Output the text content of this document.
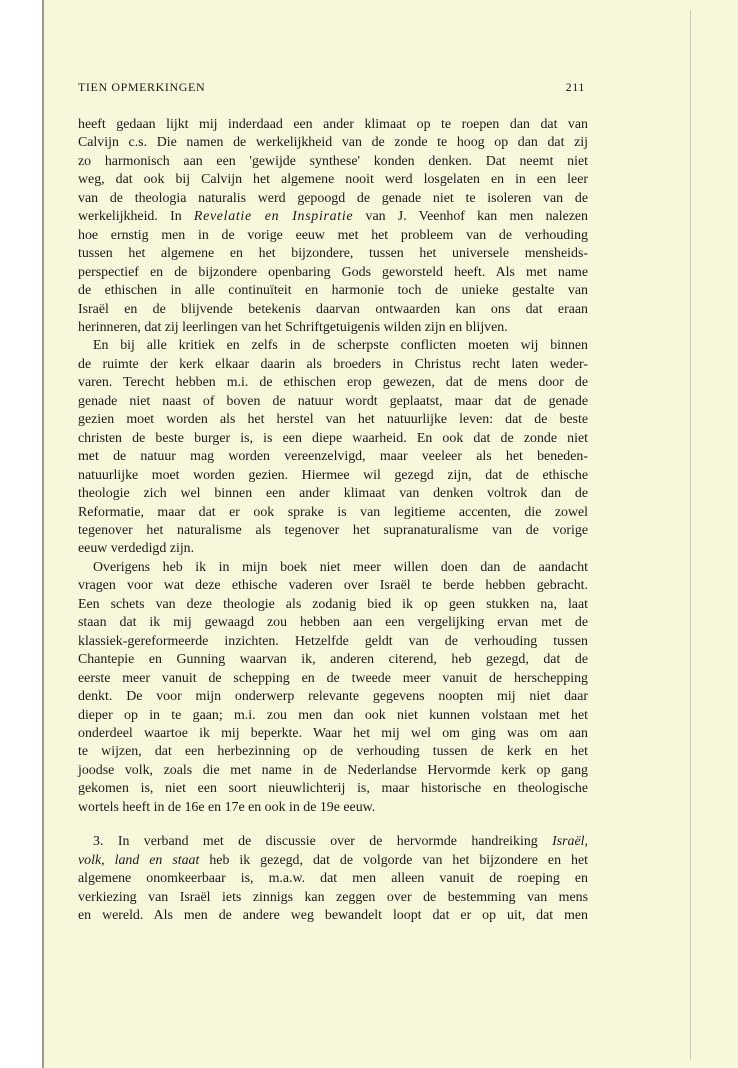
TIEN OPMERKINGEN	211
heeft gedaan lijkt mij inderdaad een ander klimaat op te roepen dan dat van
Calvijn c.s. Die namen de werkelijkheid van de zonde te hoog op dan dat zij
zo harmonisch aan een 'gewijde synthese' konden denken. Dat neemt niet
weg, dat ook bij Calvijn het algemene nooit werd losgelaten en in een leer
van de theologia naturalis werd gepoogd de genade niet te isoleren van de
werkelijkheid. In Revelatie en Inspiratie van J. Veenhof kan men nalezen
hoe ernstig men in de vorige eeuw met het probleem van de verhouding
tussen het algemene en het bijzondere, tussen het universele mensheids-
perspectief en de bijzondere openbaring Gods geworsteld heeft. Als met name
de ethischen in alle continuïteit en harmonie toch de unieke gestalte van
Israël en de blijvende betekenis daarvan ontwaarden kan ons dat eraan
herinneren, dat zij leerlingen van het Schriftgetuigenis wilden zijn en blijven.
En bij alle kritiek en zelfs in de scherpste conflicten moeten wij binnen
de ruimte der kerk elkaar daarin als broeders in Christus recht laten weder-
varen. Terecht hebben m.i. de ethischen erop gewezen, dat de mens door de
genade niet naast of boven de natuur wordt geplaatst, maar dat de genade
gezien moet worden als het herstel van het natuurlijke leven: dat de beste
christen de beste burger is, is een diepe waarheid. En ook dat de zonde niet
met de natuur mag worden vereenzelvigd, maar veeleer als het beneden-
natuurlijke moet worden gezien. Hiermee wil gezegd zijn, dat de ethische
theologie zich wel binnen een ander klimaat van denken voltrok dan de
Reformatie, maar dat er ook sprake is van legitieme accenten, die zowel
tegenover het naturalisme als tegenover het supranaturalisme van de vorige
eeuw verdedigd zijn.
Overigens heb ik in mijn boek niet meer willen doen dan de aandacht
vragen voor wat deze ethische vaderen over Israël te berde hebben gebracht.
Een schets van deze theologie als zodanig bied ik op geen stukken na, laat
staan dat ik mij gewaagd zou hebben aan een vergelijking ervan met de
klassiek-gereformeerde inzichten. Hetzelfde geldt van de verhouding tussen
Chantepie en Gunning waarvan ik, anderen citerend, heb gezegd, dat de
eerste meer vanuit de schepping en de tweede meer vanuit de herschepping
denkt. De voor mijn onderwerp relevante gegevens noopten mij niet daar
dieper op in te gaan; m.i. zou men dan ook niet kunnen volstaan met het
onderdeel waartoe ik mij beperkte. Waar het mij wel om ging was om aan
te wijzen, dat een herbezinning op de verhouding tussen de kerk en het
joodse volk, zoals die met name in de Nederlandse Hervormde kerk op gang
gekomen is, niet een soort nieuwlichterij is, maar historische en theologische
wortels heeft in de 16e en 17e en ook in de 19e eeuw.
3. In verband met de discussie over de hervormde handreiking Israël,
volk, land en staat heb ik gezegd, dat de volgorde van het bijzondere en het
algemene onomkeerbaar is, m.a.w. dat men alleen vanuit de roeping en
verkiezing van Israël iets zinnigs kan zeggen over de bestemming van mens
en wereld. Als men de andere weg bewandelt loopt dat er op uit, dat men
